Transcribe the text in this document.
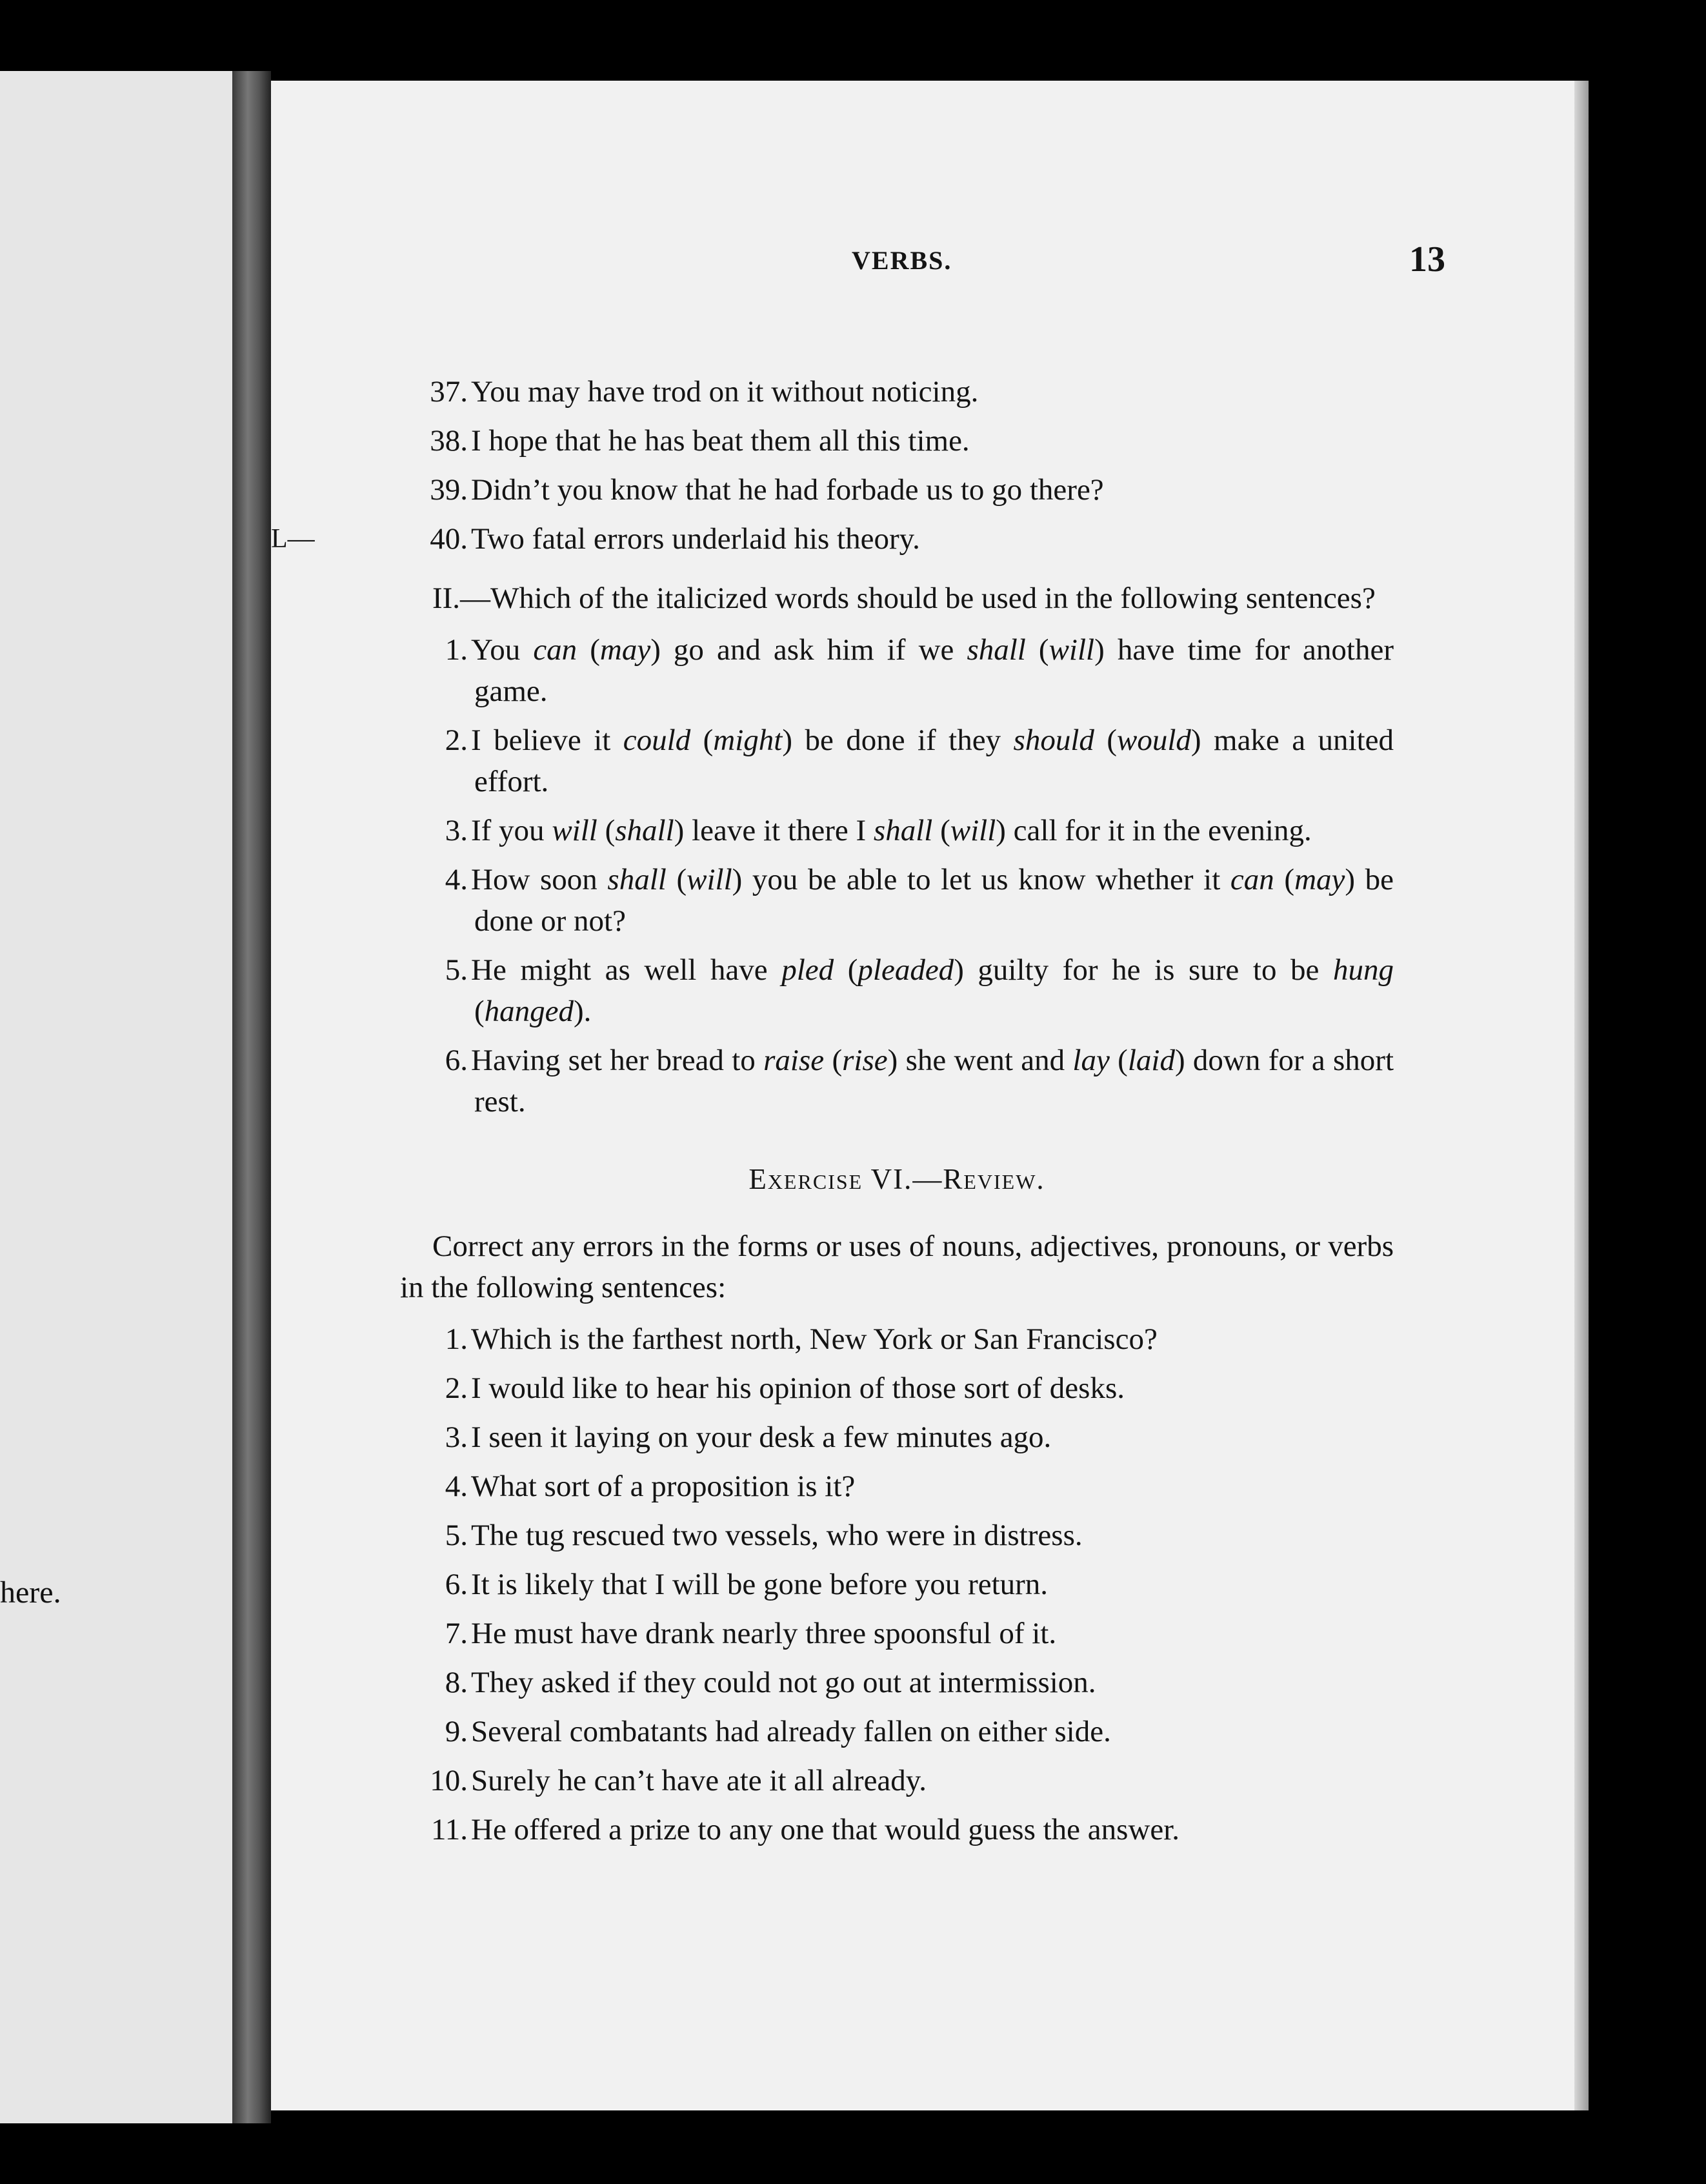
here.
VERBS.	13
37. You may have trod on it without noticing.
38. I hope that he has beat them all this time.
39. Didn’t you know that he had forbade us to go there?
L—	40. Two fatal errors underlaid his theory.

II.—Which of the italicized words should be used in the following sentences?

1. You can (may) go and ask him if we shall (will) have time for another game.
2. I believe it could (might) be done if they should (would) make a united effort.
3. If you will (shall) leave it there I shall (will) call for it in the evening.
4. How soon shall (will) you be able to let us know whether it can (may) be done or not?
5. He might as well have pled (pleaded) guilty for he is sure to be hung (hanged).
6. Having set her bread to raise (rise) she went and lay (laid) down for a short rest.
Exercise VI.—Review.

Correct any errors in the forms or uses of nouns, adjectives, pronouns, or verbs in the following sentences:

1. Which is the farthest north, New York or San Francisco?
2. I would like to hear his opinion of those sort of desks.
3. I seen it laying on your desk a few minutes ago.
4. What sort of a proposition is it?
5. The tug rescued two vessels, who were in distress.
6. It is likely that I will be gone before you return.
7. He must have drank nearly three spoonsful of it.
8. They asked if they could not go out at intermission.
9. Several combatants had already fallen on either side.
10. Surely he can’t have ate it all already.
11. He offered a prize to any one that would guess the answer.
